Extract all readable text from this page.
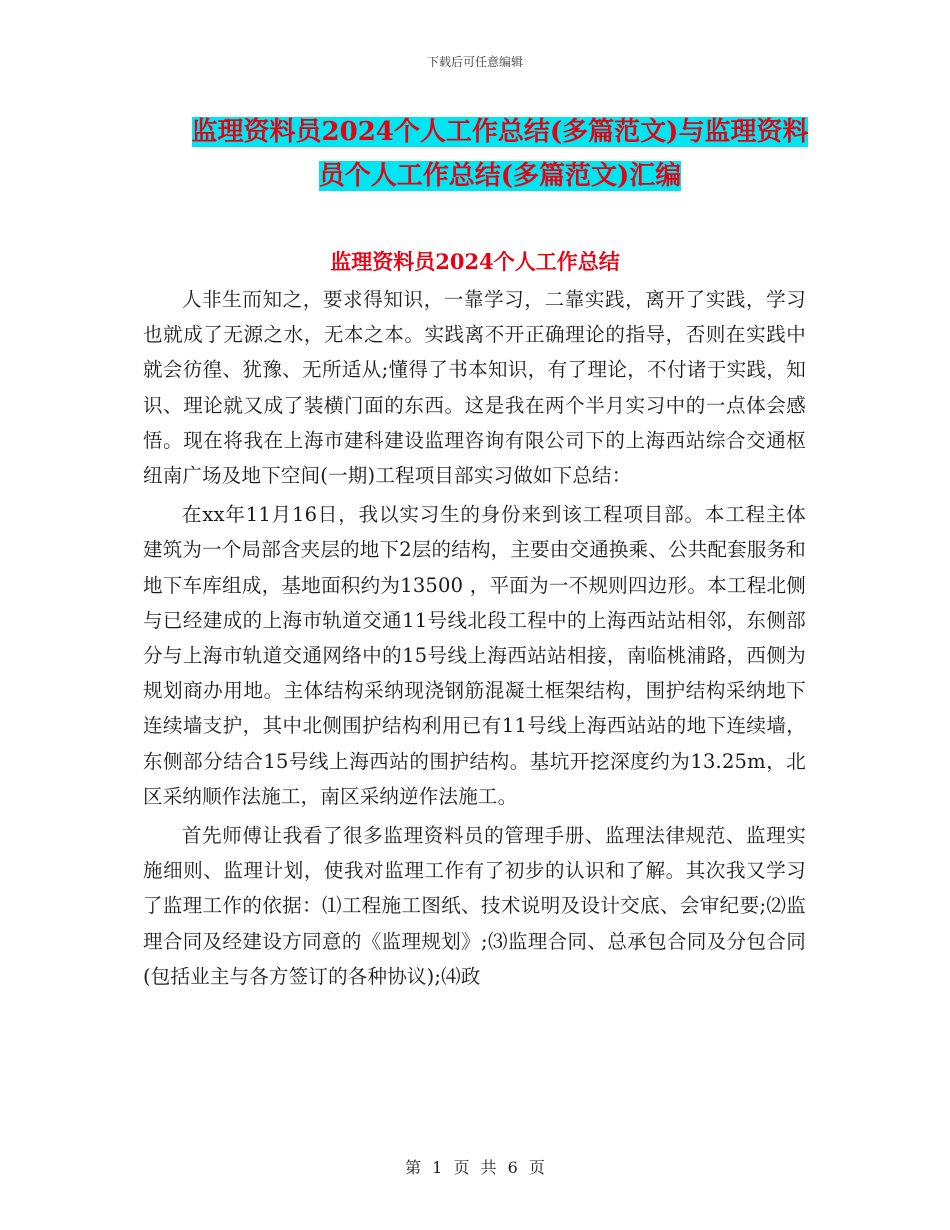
下载后可任意编辑
监理资料员2024个人工作总结(多篇范文)与监理资料
员个人工作总结(多篇范文)汇编
监理资料员2024个人工作总结

人非生而知之，要求得知识，一靠学习，二靠实践，离开了实践，学习也就成了无源之水，无本之本。实践离不开正确理论的指导，否则在实践中就会彷徨、犹豫、无所适从;懂得了书本知识，有了理论，不付诸于实践，知识、理论就又成了装横门面的东西。这是我在两个半月实习中的一点体会感悟。现在将我在上海市建科建设监理咨询有限公司下的上海西站综合交通枢纽南广场及地下空间(一期)工程项目部实习做如下总结：

在xx年11月16日，我以实习生的身份来到该工程项目部。本工程主体建筑为一个局部含夹层的地下2层的结构，主要由交通换乘、公共配套服务和地下车库组成，基地面积约为13500 ，平面为一不规则四边形。本工程北侧与已经建成的上海市轨道交通11号线北段工程中的上海西站站相邻，东侧部分与上海市轨道交通网络中的15号线上海西站站相接，南临桃浦路，西侧为规划商办用地。主体结构采纳现浇钢筋混凝土框架结构，围护结构采纳地下连续墙支护，其中北侧围护结构利用已有11号线上海西站站的地下连续墙，东侧部分结合15号线上海西站的围护结构。基坑开挖深度约为13.25m，北区采纳顺作法施工，南区采纳逆作法施工。

首先师傅让我看了很多监理资料员的管理手册、监理法律规范、监理实施细则、监理计划，使我对监理工作有了初步的认识和了解。其次我又学习了监理工作的依据：⑴工程施工图纸、技术说明及设计交底、会审纪要;⑵监理合同及经建设方同意的《监理规划》;⑶监理合同、总承包合同及分包合同(包括业主与各方签订的各种协议);⑷政

第 1 页 共 6 页
